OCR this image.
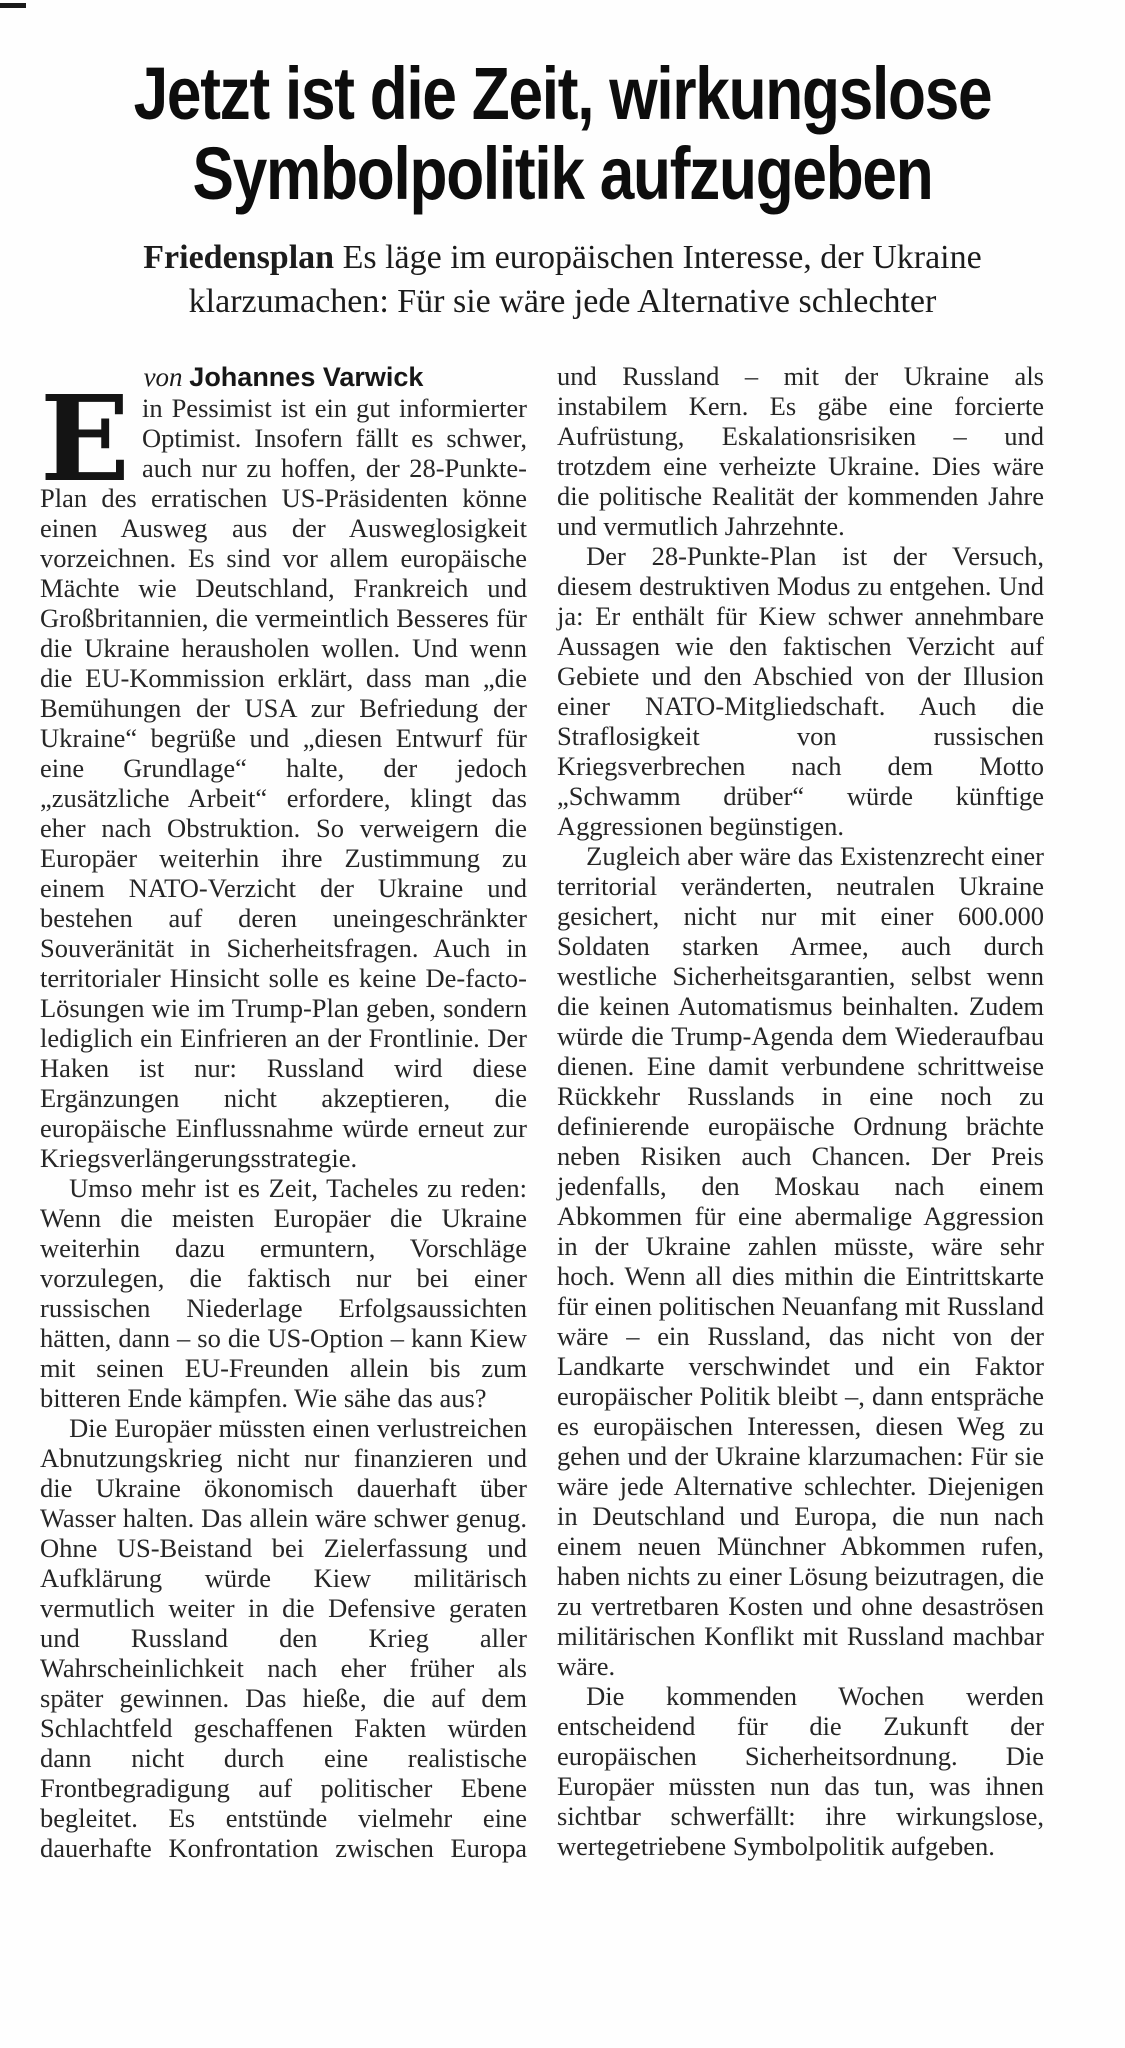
Jetzt ist die Zeit, wirkungslose
Symbolpolitik aufzugeben

Friedensplan Es läge im europäischen Interesse, der Ukraine klarzumachen: Für sie wäre jede Alternative schlechter

von Johannes Varwick

Ein Pessimist ist ein gut informierter Optimist. Insofern fällt es schwer, auch nur zu hoffen, der 28-Punkte-Plan des erratischen US-Präsidenten könne einen Ausweg aus der Ausweglosigkeit vorzeichnen. Es sind vor allem europäische Mächte wie Deutschland, Frankreich und Großbritannien, die vermeintlich Besseres für die Ukraine herausholen wollen. Und wenn die EU-Kommission erklärt, dass man „die Bemühungen der USA zur Befriedung der Ukraine“ begrüße und „diesen Entwurf für eine Grundlage“ halte, der jedoch „zusätzliche Arbeit“ erfordere, klingt das eher nach Obstruktion. So verweigern die Europäer weiterhin ihre Zustimmung zu einem NATO-Verzicht der Ukraine und bestehen auf deren uneingeschränkter Souveränität in Sicherheitsfragen. Auch in territorialer Hinsicht solle es keine De-facto-Lösungen wie im Trump-Plan geben, sondern lediglich ein Einfrieren an der Frontlinie. Der Haken ist nur: Russland wird diese Ergänzungen nicht akzeptieren, die europäische Einflussnahme würde erneut zur Kriegsverlängerungsstrategie.

Umso mehr ist es Zeit, Tacheles zu reden: Wenn die meisten Europäer die Ukraine weiterhin dazu ermuntern, Vorschläge vorzulegen, die faktisch nur bei einer russischen Niederlage Erfolgsaussichten hätten, dann – so die US-Option – kann Kiew mit seinen EU-Freunden allein bis zum bitteren Ende kämpfen. Wie sähe das aus?

Die Europäer müssten einen verlustreichen Abnutzungskrieg nicht nur finanzieren und die Ukraine ökonomisch dauerhaft über Wasser halten. Das allein wäre schwer genug. Ohne US-Beistand bei Zielerfassung und Aufklärung würde Kiew militärisch vermutlich weiter in die Defensive geraten und Russland den Krieg aller Wahrscheinlichkeit nach eher früher als später gewinnen. Das hieße, die auf dem Schlachtfeld geschaffenen Fakten würden dann nicht durch eine realistische Frontbegradigung auf politischer Ebene begleitet. Es entstünde vielmehr eine dauerhafte Konfrontation zwischen Europa und Russland – mit der Ukraine als instabilem Kern. Es gäbe eine forcierte Aufrüstung, Eskalationsrisiken – und trotzdem eine verheizte Ukraine. Dies wäre die politische Realität der kommenden Jahre und vermutlich Jahrzehnte.

Der 28-Punkte-Plan ist der Versuch, diesem destruktiven Modus zu entgehen. Und ja: Er enthält für Kiew schwer annehmbare Aussagen wie den faktischen Verzicht auf Gebiete und den Abschied von der Illusion einer NATO-Mitgliedschaft. Auch die Straflosigkeit von russischen Kriegsverbrechen nach dem Motto „Schwamm drüber“ würde künftige Aggressionen begünstigen.

Zugleich aber wäre das Existenzrecht einer territorial veränderten, neutralen Ukraine gesichert, nicht nur mit einer 600.000 Soldaten starken Armee, auch durch westliche Sicherheitsgarantien, selbst wenn die keinen Automatismus beinhalten. Zudem würde die Trump-Agenda dem Wiederaufbau dienen. Eine damit verbundene schrittweise Rückkehr Russlands in eine noch zu definierende europäische Ordnung brächte neben Risiken auch Chancen. Der Preis jedenfalls, den Moskau nach einem Abkommen für eine abermalige Aggression in der Ukraine zahlen müsste, wäre sehr hoch. Wenn all dies mithin die Eintrittskarte für einen politischen Neuanfang mit Russland wäre – ein Russland, das nicht von der Landkarte verschwindet und ein Faktor europäischer Politik bleibt –, dann entspräche es europäischen Interessen, diesen Weg zu gehen und der Ukraine klarzumachen: Für sie wäre jede Alternative schlechter. Diejenigen in Deutschland und Europa, die nun nach einem neuen Münchner Abkommen rufen, haben nichts zu einer Lösung beizutragen, die zu vertretbaren Kosten und ohne desaströsen militärischen Konflikt mit Russland machbar wäre.

Die kommenden Wochen werden entscheidend für die Zukunft der europäischen Sicherheitsordnung. Die Europäer müssten nun das tun, was ihnen sichtbar schwerfällt: ihre wirkungslose, wertegetriebene Symbolpolitik aufgeben.
